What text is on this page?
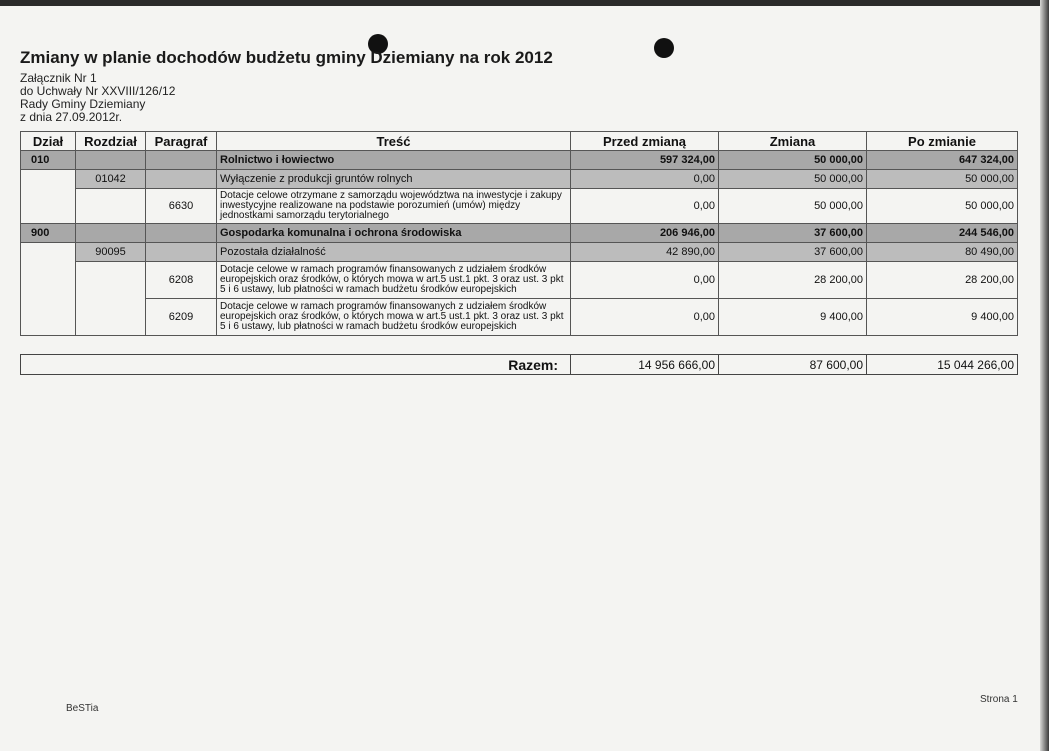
Zmiany w planie dochodów budżetu gminy Dziemiany na rok 2012
Załącznik Nr 1
do Uchwały Nr XXVIII/126/12
Rady Gminy Dziemiany
z dnia 27.09.2012r.
Dział	Rozdział	Paragraf	Treść	Przed zmianą	Zmiana	Po zmianie
010			Rolnictwo i łowiectwo	597 324,00	50 000,00	647 324,00
	01042		Wyłączenie z produkcji gruntów rolnych	0,00	50 000,00	50 000,00
		6630	Dotacje celowe otrzymane z samorządu województwa na inwestycje i zakupy inwestycyjne realizowane na podstawie porozumień (umów) między jednostkami samorządu terytorialnego	0,00	50 000,00	50 000,00
900			Gospodarka komunalna i ochrona środowiska	206 946,00	37 600,00	244 546,00
	90095		Pozostała działalność	42 890,00	37 600,00	80 490,00
		6208	Dotacje celowe w ramach programów finansowanych z udziałem środków europejskich oraz środków, o których mowa w art.5 ust.1 pkt. 3 oraz ust. 3 pkt 5 i 6 ustawy, lub płatności w ramach budżetu środków europejskich	0,00	28 200,00	28 200,00
		6209	Dotacje celowe w ramach programów finansowanych z udziałem środków europejskich oraz środków, o których mowa w art.5 ust.1 pkt. 3 oraz ust. 3 pkt 5 i 6 ustawy, lub płatności w ramach budżetu środków europejskich	0,00	9 400,00	9 400,00
Razem:	14 956 666,00	87 600,00	15 044 266,00
BeSTia
Strona 1
